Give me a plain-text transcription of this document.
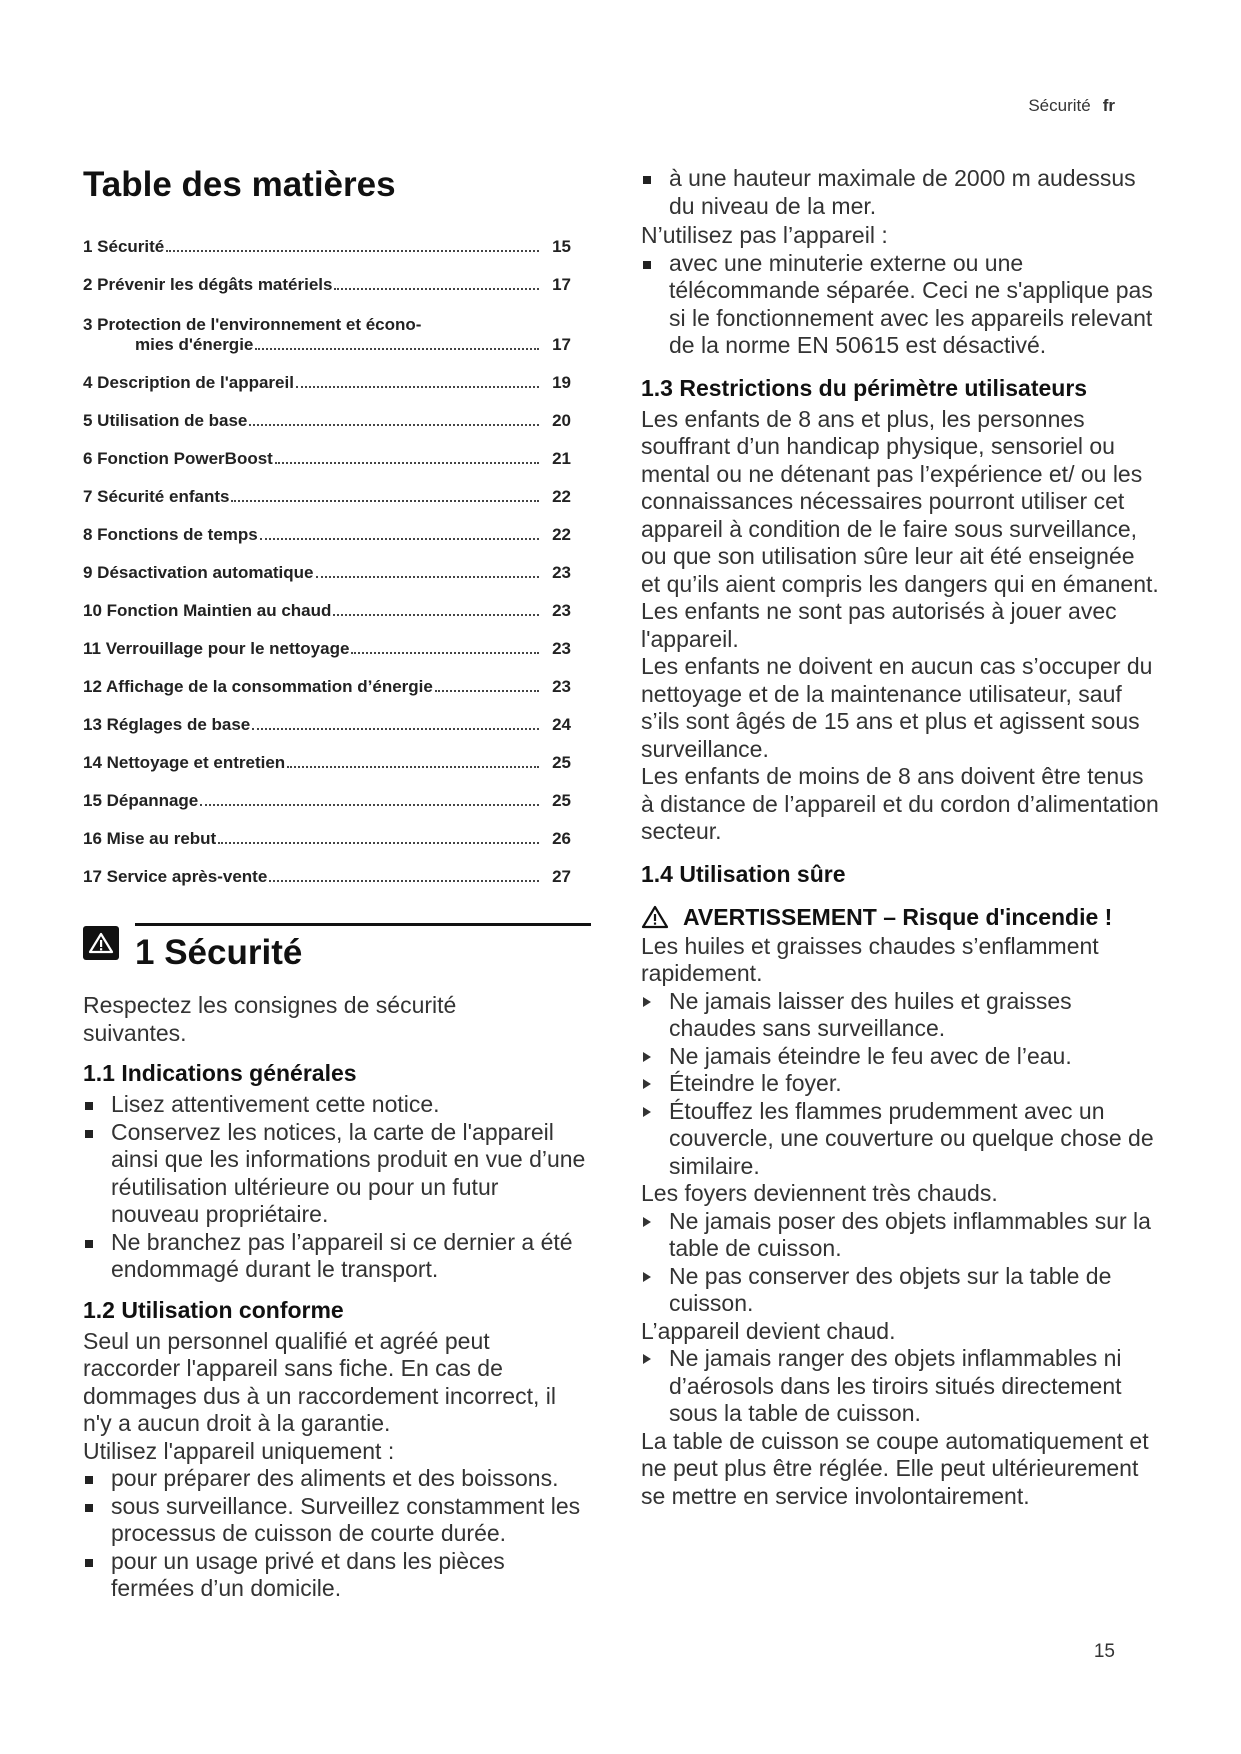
Sécurité fr
Table des matières
1 Sécurité	15
2 Prévenir les dégâts matériels	17
3 Protection de l'environnement et écono-
mies d'énergie	17
4 Description de l'appareil	19
5 Utilisation de base	20
6 Fonction PowerBoost	21
7 Sécurité enfants	22
8 Fonctions de temps	22
9 Désactivation automatique	23
10 Fonction Maintien au chaud	23
11 Verrouillage pour le nettoyage	23
12 Affichage de la consommation d’énergie	23
13 Réglages de base	24
14 Nettoyage et entretien	25
15 Dépannage	25
16 Mise au rebut	26
17 Service après-vente	27
1 Sécurité

Respectez les consignes de sécurité suivantes.

1.1 Indications générales
Lisez attentivement cette notice.
Conservez les notices, la carte de l'appareil ainsi que les informations produit en vue d’une réutilisation ultérieure ou pour un futur nouveau propriétaire.
Ne branchez pas l’appareil si ce dernier a été endommagé durant le transport.
1.2 Utilisation conforme

Seul un personnel qualifié et agréé peut raccorder l'appareil sans fiche. En cas de dommages dus à un raccordement incorrect, il n'y a aucun droit à la garantie.

Utilisez l'appareil uniquement :

pour préparer des aliments et des boissons.
sous surveillance. Surveillez constamment les processus de cuisson de courte durée.
pour un usage privé et dans les pièces fermées d’un domicile.
à une hauteur maximale de 2000 m audessus du niveau de la mer.

N’utilisez pas l’appareil :

avec une minuterie externe ou une télécommande séparée. Ceci ne s'applique pas si le fonctionnement avec les appareils relevant de la norme EN 50615 est désactivé.
1.3 Restrictions du périmètre utilisateurs

Les enfants de 8 ans et plus, les personnes souffrant d’un handicap physique, sensoriel ou mental ou ne détenant pas l’expérience et/ ou les connaissances nécessaires pourront utiliser cet appareil à condition de le faire sous surveillance, ou que son utilisation sûre leur ait été enseignée et qu’ils aient compris les dangers qui en émanent.

Les enfants ne sont pas autorisés à jouer avec l'appareil.

Les enfants ne doivent en aucun cas s’occuper du nettoyage et de la maintenance utilisateur, sauf s’ils sont âgés de 15 ans et plus et agissent sous surveillance.

Les enfants de moins de 8 ans doivent être tenus à distance de l’appareil et du cordon d’alimentation secteur.

1.4 Utilisation sûre
AVERTISSEMENT – Risque d'incendie !

Les huiles et graisses chaudes s’enflamment rapidement.

Ne jamais laisser des huiles et graisses chaudes sans surveillance.
Ne jamais éteindre le feu avec de l’eau.
Éteindre le foyer.
Étouffez les flammes prudemment avec un couvercle, une couverture ou quelque chose de similaire.

Les foyers deviennent très chauds.

Ne jamais poser des objets inflammables sur la table de cuisson.
Ne pas conserver des objets sur la table de cuisson.

L’appareil devient chaud.

Ne jamais ranger des objets inflammables ni d’aérosols dans les tiroirs situés directement sous la table de cuisson.

La table de cuisson se coupe automatiquement et ne peut plus être réglée. Elle peut ultérieurement se mettre en service involontairement.

15
